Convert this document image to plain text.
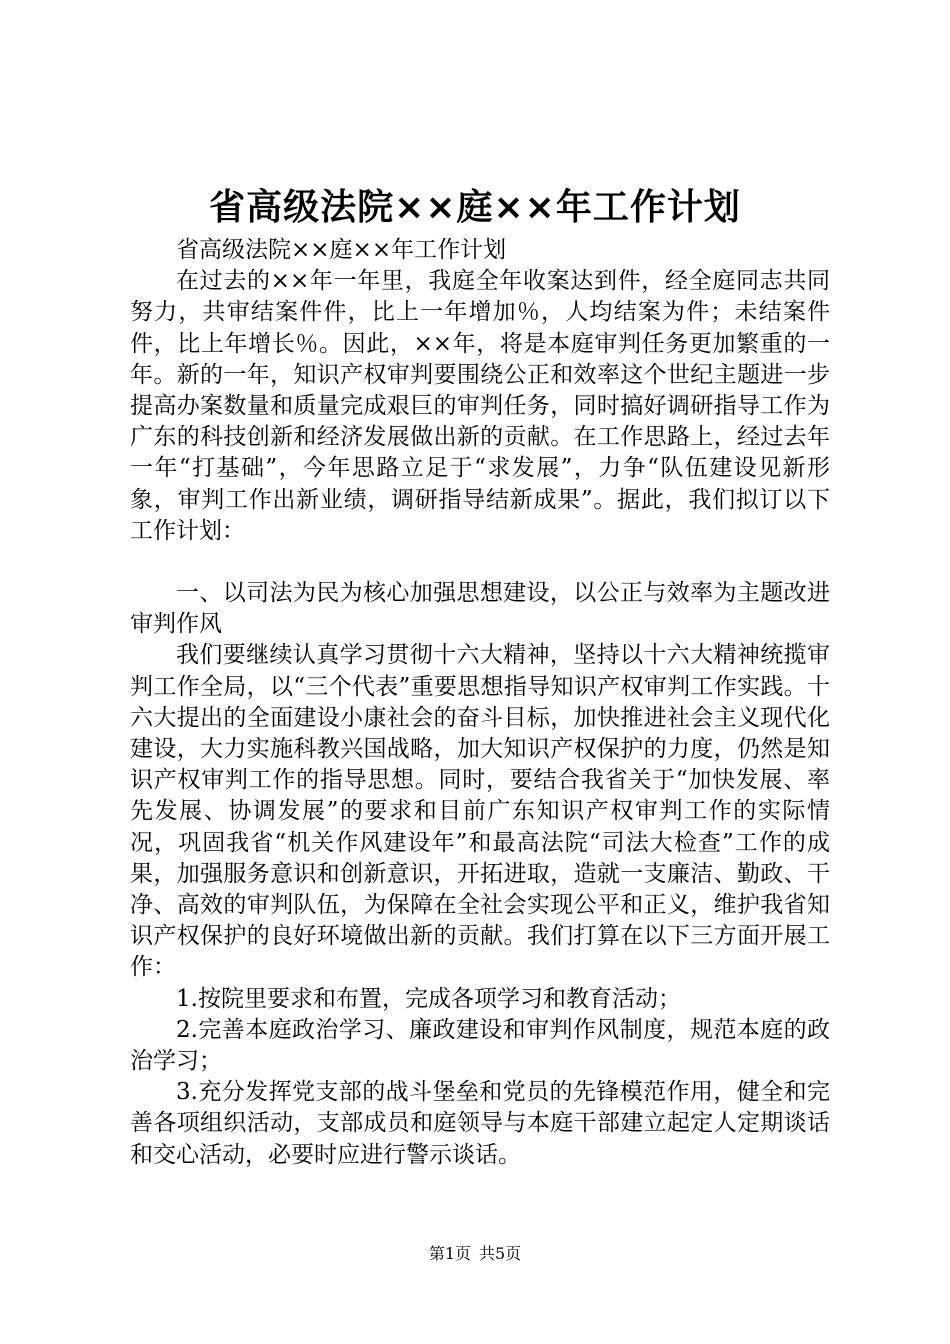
省高级法院××庭××年工作计划

省高级法院××庭××年工作计划

在过去的××年一年里，我庭全年收案达到件，经全庭同志共同努力，共审结案件件，比上一年增加％，人均结案为件；未结案件件，比上年增长％。因此，××年，将是本庭审判任务更加繁重的一年。新的一年，知识产权审判要围绕公正和效率这个世纪主题进一步提高办案数量和质量完成艰巨的审判任务，同时搞好调研指导工作为广东的科技创新和经济发展做出新的贡献。在工作思路上，经过去年一年“打基础”，今年思路立足于“求发展”，力争“队伍建设见新形象，审判工作出新业绩，调研指导结新成果”。据此，我们拟订以下工作计划：

一、以司法为民为核心加强思想建设，以公正与效率为主题改进审判作风

我们要继续认真学习贯彻十六大精神，坚持以十六大精神统揽审判工作全局，以“三个代表”重要思想指导知识产权审判工作实践。十六大提出的全面建设小康社会的奋斗目标，加快推进社会主义现代化建设，大力实施科教兴国战略，加大知识产权保护的力度，仍然是知识产权审判工作的指导思想。同时，要结合我省关于“加快发展、率先发展、协调发展”的要求和目前广东知识产权审判工作的实际情况，巩固我省“机关作风建设年”和最高法院“司法大检查”工作的成果，加强服务意识和创新意识，开拓进取，造就一支廉洁、勤政、干净、高效的审判队伍，为保障在全社会实现公平和正义，维护我省知识产权保护的良好环境做出新的贡献。我们打算在以下三方面开展工作：

1.按院里要求和布置，完成各项学习和教育活动；

2.完善本庭政治学习、廉政建设和审判作风制度，规范本庭的政治学习；

3.充分发挥党支部的战斗堡垒和党员的先锋模范作用，健全和完善各项组织活动，支部成员和庭领导与本庭干部建立起定人定期谈话和交心活动，必要时应进行警示谈话。

第1页 共5页
